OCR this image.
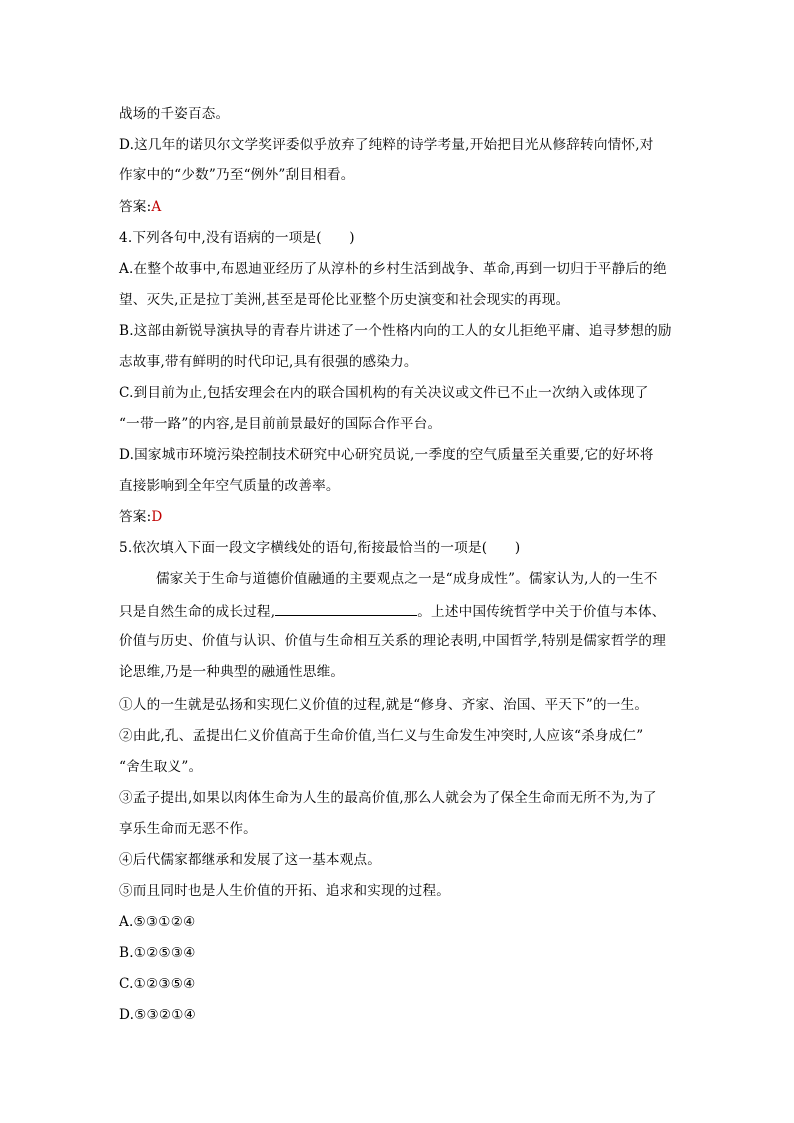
战场的千姿百态。
D.这几年的诺贝尔文学奖评委似乎放弃了纯粹的诗学考量,开始把目光从修辞转向情怀,对
作家中的“少数”乃至“例外”刮目相看。
答案:A
4.下列各句中,没有语病的一项是(　　)
A.在整个故事中,布恩迪亚经历了从淳朴的乡村生活到战争、革命,再到一切归于平静后的绝
望、灭失,正是拉丁美洲,甚至是哥伦比亚整个历史演变和社会现实的再现。
B.这部由新锐导演执导的青春片讲述了一个性格内向的工人的女儿拒绝平庸、追寻梦想的励
志故事,带有鲜明的时代印记,具有很强的感染力。
C.到目前为止,包括安理会在内的联合国机构的有关决议或文件已不止一次纳入或体现了
“一带一路”的内容,是目前前景最好的国际合作平台。
D.国家城市环境污染控制技术研究中心研究员说,一季度的空气质量至关重要,它的好坏将
直接影响到全年空气质量的改善率。
答案:D
5.依次填入下面一段文字横线处的语句,衔接最恰当的一项是(　　)
儒家关于生命与道德价值融通的主要观点之一是“成身成性”。儒家认为,人的一生不
只是自然生命的成长过程,	。上述中国传统哲学中关于价值与本体、
价值与历史、价值与认识、价值与生命相互关系的理论表明,中国哲学,特别是儒家哲学的理
论思维,乃是一种典型的融通性思维。
①人的一生就是弘扬和实现仁义价值的过程,就是“修身、齐家、治国、平天下”的一生。
②由此,孔、孟提出仁义价值高于生命价值,当仁义与生命发生冲突时,人应该“杀身成仁”
“舍生取义”。
③孟子提出,如果以肉体生命为人生的最高价值,那么人就会为了保全生命而无所不为,为了
享乐生命而无恶不作。
④后代儒家都继承和发展了这一基本观点。
⑤而且同时也是人生价值的开拓、追求和实现的过程。
A.⑤③①②④
B.①②⑤③④
C.①②③⑤④
D.⑤③②①④
